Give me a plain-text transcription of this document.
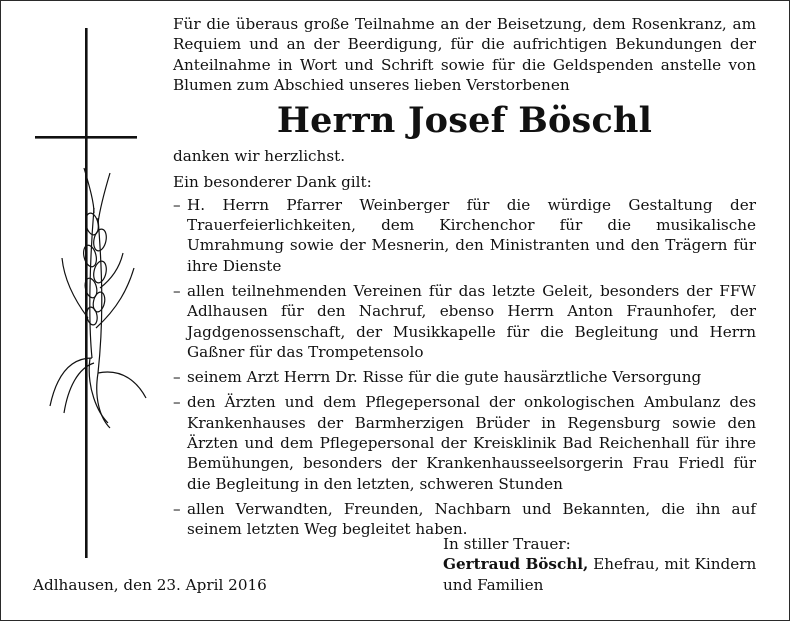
Für die überaus große Teilnahme an der Beisetzung, dem Rosenkranz, am Requiem und an der Beerdigung, für die aufrichtigen Bekundungen der Anteilnahme in Wort und Schrift sowie für die Geldspenden anstelle von Blumen zum Abschied unseres lieben Verstorbenen
Herrn Josef Böschl
danken wir herzlichst.
Ein besonderer Dank gilt:
– H. Herrn Pfarrer Weinberger für die würdige Gestaltung der Trauerfeierlichkeiten, dem Kirchenchor für die musikalische Umrahmung sowie der Mesnerin, den Ministranten und den Trägern für ihre Dienste
– allen teilnehmenden Vereinen für das letzte Geleit, besonders der FFW Adlhausen für den Nachruf, ebenso Herrn Anton Fraunhofer, der Jagdgenossenschaft, der Musikkapelle für die Begleitung und Herrn Gaßner für das Trompetensolo
– seinem Arzt Herrn Dr. Risse für die gute hausärztliche Versorgung
– den Ärzten und dem Pflegepersonal der onkologischen Ambulanz des Krankenhauses der Barmherzigen Brüder in Regensburg sowie den Ärzten und dem Pflegepersonal der Kreisklinik Bad Reichenhall für ihre Bemühungen, besonders der Krankenhausseelsorgerin Frau Friedl für die Begleitung in den letzten, schweren Stunden
– allen Verwandten, Freunden, Nachbarn und Bekannten, die ihn auf seinem letzten Weg begleitet haben.
Adlhausen, den 23. April 2016
In stiller Trauer:
Gertraud Böschl, Ehefrau, mit Kindern
und Familien
